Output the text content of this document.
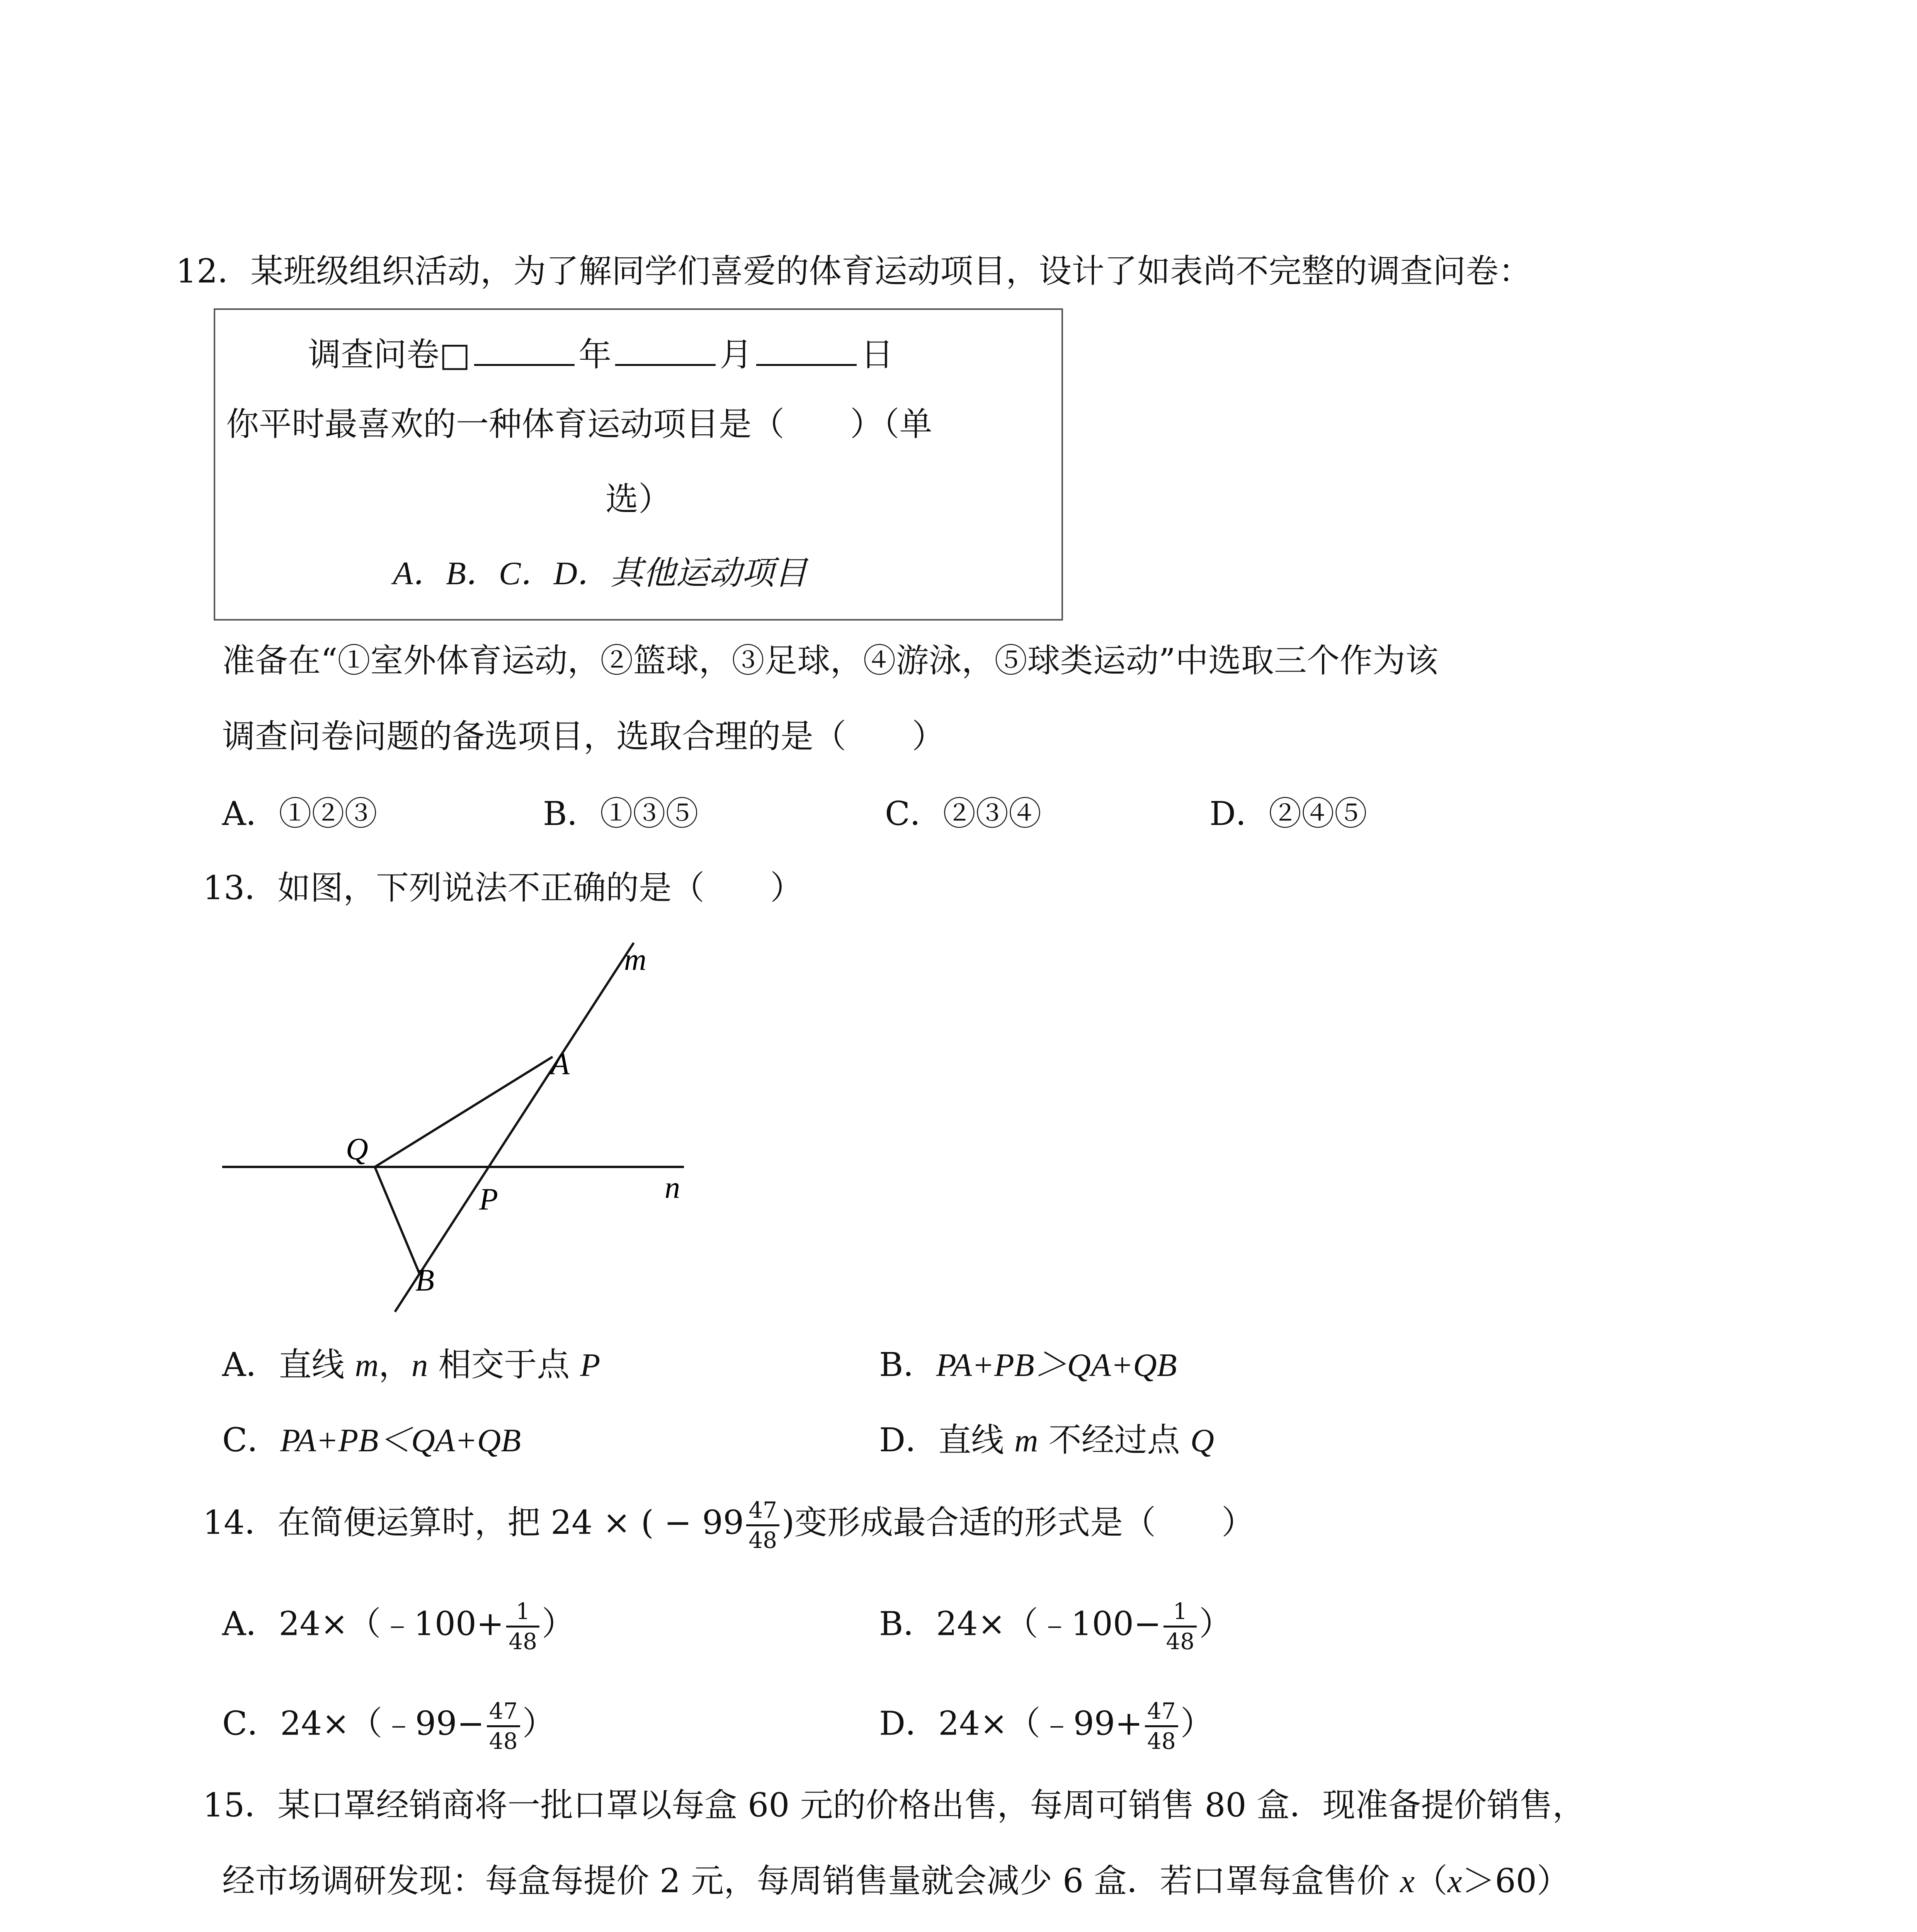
12．某班级组织活动，为了解同学们喜爱的体育运动项目，设计了如表尚不完整的调查问卷：
调查问卷□	年	月	日
你平时最喜欢的一种体育运动项目是（　　）（单
选）
A．B．C．D．其他运动项目
准备在“①室外体育运动，②篮球，③足球，④游泳，⑤球类运动”中选取三个作为该
调查问卷问题的备选项目，选取合理的是（　　）
A．①②③	B．①③⑤	C．②③④	D．②④⑤
13．如图，下列说法不正确的是（　　）
m
A
Q
P	n
B
A．直线 m，n 相交于点 P	B．PA+PB＞QA+QB
C．PA+PB＜QA+QB	D．直线 m 不经过点 Q
14．在简便运算时，把 24 × ( − $99 \frac{47}{48}$ )变形成最合适的形式是（　　）
A．24×（﹣100+ $\frac{1}{48}$ ）	B．24×（﹣100− $\frac{1}{48}$ ）
C．24×（﹣99− $\frac{47}{48}$ ）	D．24×（﹣99+ $\frac{47}{48}$ ）
15．某口罩经销商将一批口罩以每盒 60 元的价格出售，每周可销售 80 盒．现准备提价销售，
经市场调研发现：每盒每提价 2 元，每周销售量就会减少 6 盒．若口罩每盒售价 x（x＞60）
